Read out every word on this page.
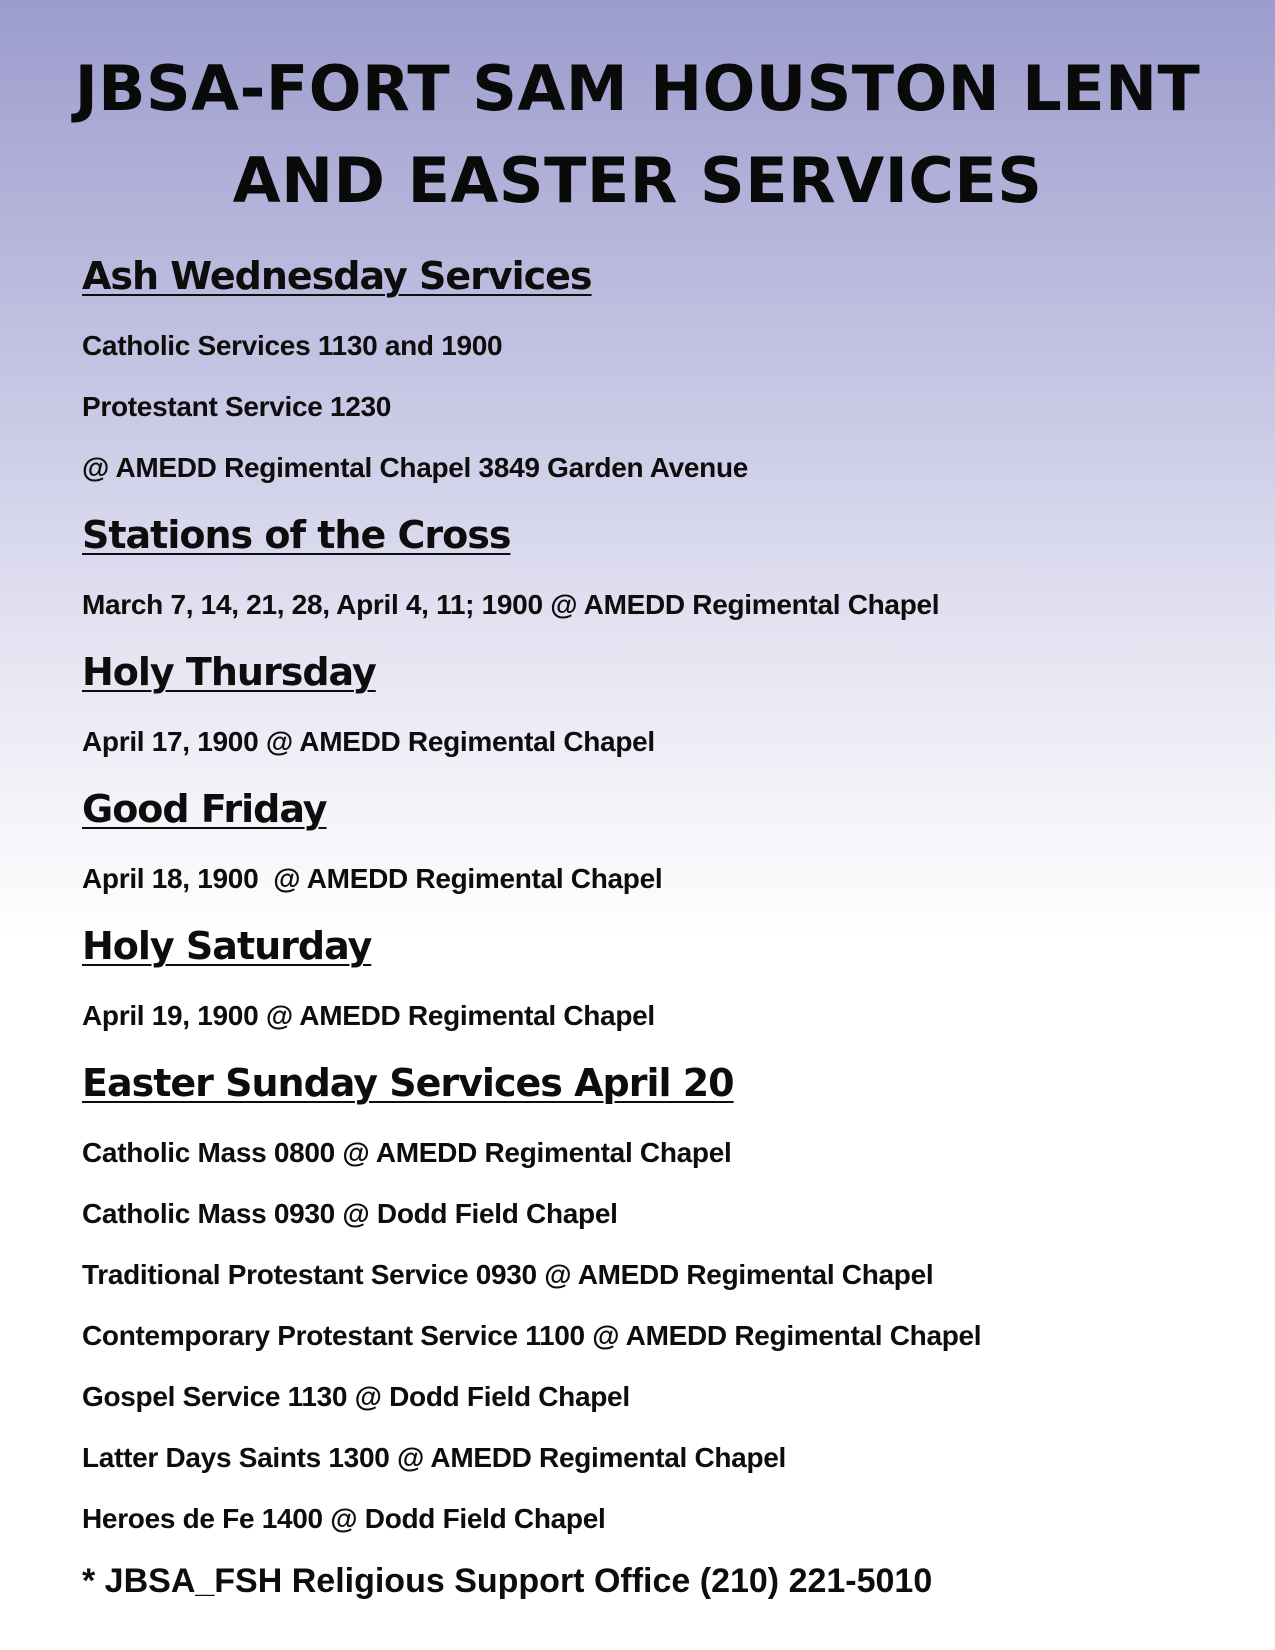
JBSA-FORT SAM HOUSTON LENT
AND EASTER SERVICES
Ash Wednesday Services

Catholic Services 1130 and 1900

Protestant Service 1230

@ AMEDD Regimental Chapel 3849 Garden Avenue

Stations of the Cross

March 7, 14, 21, 28, April 4, 11; 1900 @ AMEDD Regimental Chapel

Holy Thursday

April 17, 1900 @ AMEDD Regimental Chapel

Good Friday

April 18, 1900  @ AMEDD Regimental Chapel

Holy Saturday

April 19, 1900 @ AMEDD Regimental Chapel

Easter Sunday Services April 20

Catholic Mass 0800 @ AMEDD Regimental Chapel

Catholic Mass 0930 @ Dodd Field Chapel

Traditional Protestant Service 0930 @ AMEDD Regimental Chapel

Contemporary Protestant Service 1100 @ AMEDD Regimental Chapel

Gospel Service 1130 @ Dodd Field Chapel

Latter Days Saints 1300 @ AMEDD Regimental Chapel

Heroes de Fe 1400 @ Dodd Field Chapel

* JBSA_FSH Religious Support Office (210) 221-5010
